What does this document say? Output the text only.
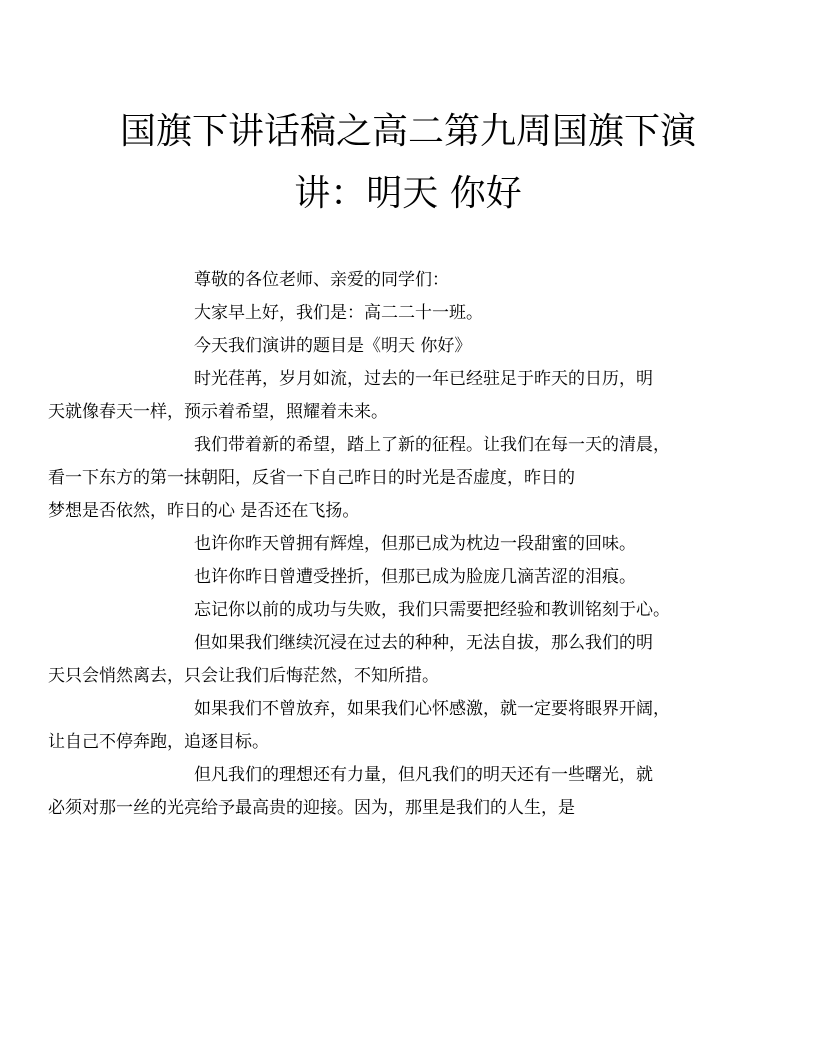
国旗下讲话稿之高二第九周国旗下演
讲：明天 你好

尊敬的各位老师、亲爱的同学们：

大家早上好，我们是：高二二十一班。

今天我们演讲的题目是《明天 你好》

时光荏苒，岁月如流，过去的一年已经驻足于昨天的日历，明
天就像春天一样，预示着希望，照耀着未来。

我们带着新的希望，踏上了新的征程。让我们在每一天的清晨，
看一下东方的第一抹朝阳，反省一下自己昨日的时光是否虚度，昨日的
梦想是否依然，昨日的心 是否还在飞扬。

也许你昨天曾拥有辉煌，但那已成为枕边一段甜蜜的回味。

也许你昨日曾遭受挫折，但那已成为脸庞几滴苦涩的泪痕。

忘记你以前的成功与失败，我们只需要把经验和教训铭刻于心。

但如果我们继续沉浸在过去的种种，无法自拔，那么我们的明
天只会悄然离去，只会让我们后悔茫然，不知所措。

如果我们不曾放弃，如果我们心怀感激，就一定要将眼界开阔，
让自己不停奔跑，追逐目标。

但凡我们的理想还有力量，但凡我们的明天还有一些曙光，就
必须对那一丝的光亮给予最高贵的迎接。因为，那里是我们的人生，是
